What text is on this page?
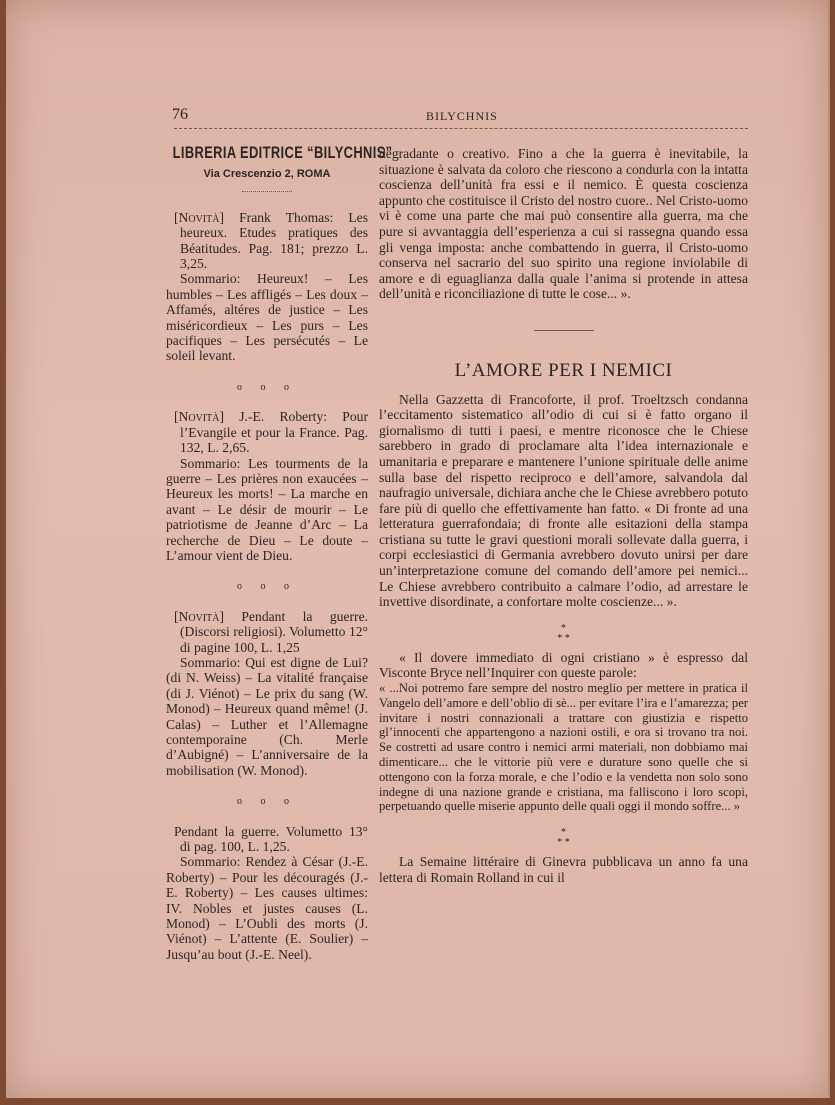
76	BILYCHNIS
LIBRERIA EDITRICE “BILYCHNIS”
Via Crescenzio 2, ROMA

[Novità] Frank Thomas: Les heureux. Etudes pratiques des Béatitudes. Pag. 181; prezzo L. 3,25.

Sommario: Heureux! – Les humbles – Les affligés – Les doux – Affamés, altéres de justice – Les miséricordieux – Les purs – Les pacifiques – Les persécutés – Le soleil levant.

o o o

[Novità] J.-E. Roberty: Pour l’Evangile et pour la France. Pag. 132, L. 2,65.

Sommario: Les tourments de la guerre – Les prières non exaucées – Heureux les morts! – La marche en avant – Le désir de mourir – Le patriotisme de Jeanne d’Arc – La recherche de Dieu – Le doute – L’amour vient de Dieu.

o o o

[Novità] Pendant la guerre. (Discorsi religiosi). Volumetto 12° di pagine 100, L. 1,25

Sommario: Qui est digne de Lui? (di N. Weiss) – La vitalité française (di J. Viénot) – Le prix du sang (W. Monod) – Heureux quand même! (J. Calas) – Luther et l’Allemagne contemporaine (Ch. Merle d’Aubigné) – L’anniversaire de la mobilisation (W. Monod).

o o o

Pendant la guerre. Volumetto 13° di pag. 100, L. 1,25.

Sommario: Rendez à César (J.-E. Roberty) – Pour les découragés (J.-E. Roberty) – Les causes ultimes: IV. Nobles et justes causes (L. Monod) – L’Oubli des morts (J. Viénot) – L’attente (E. Soulier) – Jusqu’au bout (J.-E. Neel).

degradante o creativo. Fino a che la guerra è inevitabile, la situazione è salvata da coloro che riescono a condurla con la intatta coscienza dell’unità fra essi e il nemico. È questa coscienza appunto che costituisce il Cristo del nostro cuore.. Nel Cristo-uomo vi è come una parte che mai può consentire alla guerra, ma che pure si avvantaggia dell’esperienza a cui si rassegna quando essa gli venga imposta: anche combattendo in guerra, il Cristo-uomo conserva nel sacrario del suo spirito una regione inviolabile di amore e di eguaglianza dalla quale l’anima si protende in attesa dell’unità e riconciliazione di tutte le cose... ».

L’AMORE PER I NEMICI

Nella Gazzetta di Francoforte, il prof. Troeltzsch condanna l’eccitamento sistematico all’odio di cui si è fatto organo il giornalismo di tutti i paesi, e mentre riconosce che le Chiese sarebbero in grado di proclamare alta l’idea internazionale e umanitaria e preparare e mantenere l’unione spirituale delle anime sulla base del rispetto reciproco e dell’amore, salvandola dal naufragio universale, dichiara anche che le Chiese avrebbero potuto fare più di quello che effettivamente han fatto. « Di fronte ad una letteratura guerrafondaia; di fronte alle esitazioni della stampa cristiana su tutte le gravi questioni morali sollevate dalla guerra, i corpi ecclesiastici di Germania avrebbero dovuto unirsi per dare un’interpretazione comune del comando dell’amore pei nemici... Le Chiese avrebbero contribuito a calmare l’odio, ad arrestare le invettive disordinate, a confortare molte coscienze... ».

*
* *

« Il dovere immediato di ogni cristiano » è espresso dal Visconte Bryce nell’Inquirer con queste parole:

« ...Noi potremo fare sempre del nostro meglio per mettere in pratica il Vangelo dell’amore e dell’oblio di sè... per evitare l’ira e l’amarezza; per invitare i nostri connazionali a trattare con giustizia e rispetto gl’innocenti che appartengono a nazioni ostili, e ora si trovano tra noi. Se costretti ad usare contro i nemici armi materiali, non dobbiamo mai dimenticare... che le vittorie più vere e durature sono quelle che si ottengono con la forza morale, e che l’odio e la vendetta non solo sono indegne di una nazione grande e cristiana, ma falliscono i loro scopi, perpetuando quelle miserie appunto delle quali oggi il mondo soffre... »

*
* *

La Semaine littéraire di Ginevra pubblicava un anno fa una lettera di Romain Rolland in cui il
